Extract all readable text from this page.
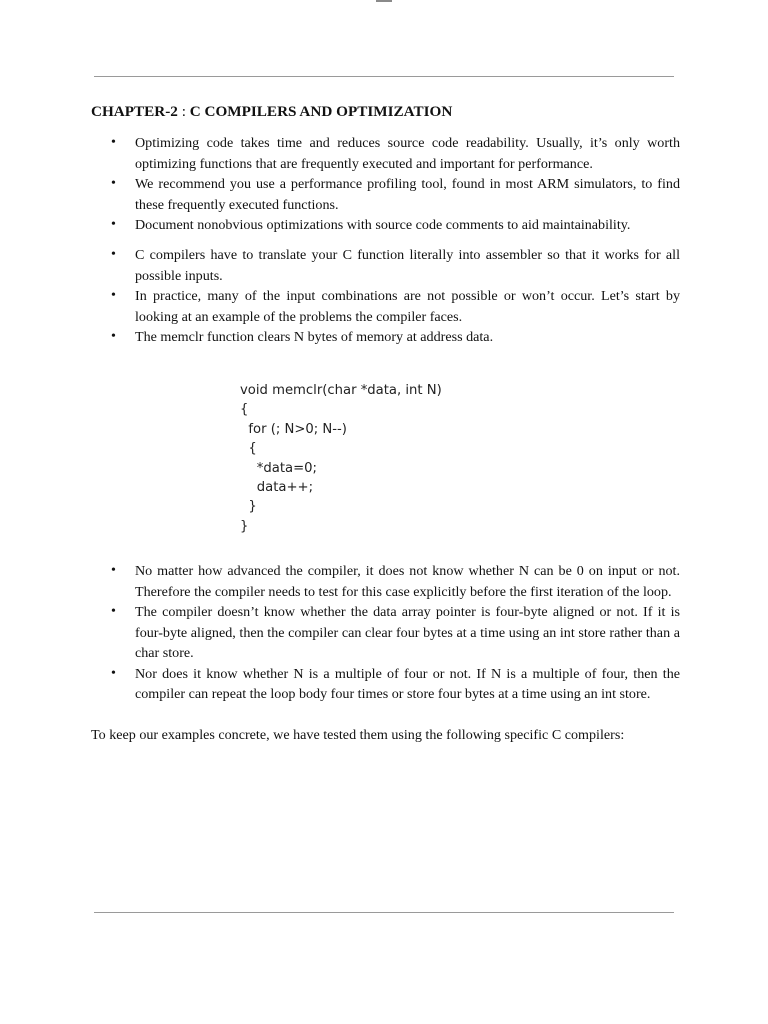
CHAPTER-2 : C COMPILERS AND OPTIMIZATION
• Optimizing code takes time and reduces source code readability. Usually, it’s only worth optimizing functions that are frequently executed and important for performance.
• We recommend you use a performance profiling tool, found in most ARM simulators, to find these frequently executed functions.
• Document nonobvious optimizations with source code comments to aid maintainability.
• C compilers have to translate your C function literally into assembler so that it works for all possible inputs.
• In practice, many of the input combinations are not possible or won’t occur. Let’s start by looking at an example of the problems the compiler faces.
• The memclr function clears N bytes of memory at address data.
void memclr(char *data, int N)
{
for (; N>0; N--)
{
*data=0;
data++;
}
}
• No matter how advanced the compiler, it does not know whether N can be 0 on input or not. Therefore the compiler needs to test for this case explicitly before the first iteration of the loop.
• The compiler doesn’t know whether the data array pointer is four-byte aligned or not. If it is four-byte aligned, then the compiler can clear four bytes at a time using an int store rather than a char store.
• Nor does it know whether N is a multiple of four or not. If N is a multiple of four, then the compiler can repeat the loop body four times or store four bytes at a time using an int store.

To keep our examples concrete, we have tested them using the following specific C compilers:
